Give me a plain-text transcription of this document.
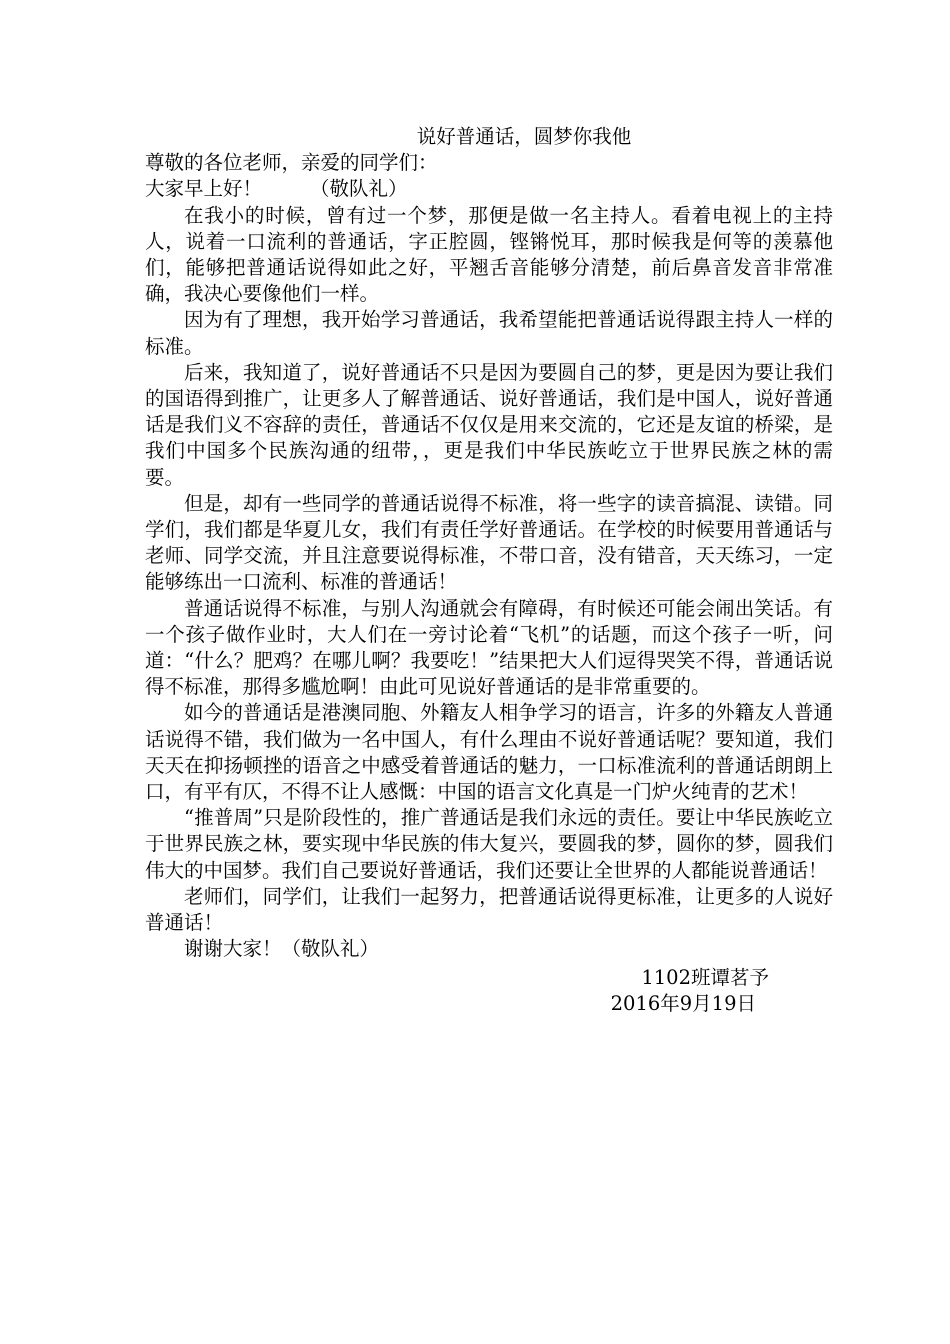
说好普通话，圆梦你我他

尊敬的各位老师，亲爱的同学们：

大家早上好！ （敬队礼）

在我小的时候，曾有过一个梦，那便是做一名主持人。看着电视上的主持人，说着一口流利的普通话，字正腔圆，铿锵悦耳，那时候我是何等的羡慕他们，能够把普通话说得如此之好，平翘舌音能够分清楚，前后鼻音发音非常准确，我决心要像他们一样。

因为有了理想，我开始学习普通话，我希望能把普通话说得跟主持人一样的标准。

后来，我知道了，说好普通话不只是因为要圆自己的梦，更是因为要让我们的国语得到推广，让更多人了解普通话、说好普通话，我们是中国人，说好普通话是我们义不容辞的责任，普通话不仅仅是用来交流的，它还是友谊的桥梁，是我们中国多个民族沟通的纽带，，更是我们中华民族屹立于世界民族之林的需要。

但是，却有一些同学的普通话说得不标准，将一些字的读音搞混、读错。同学们，我们都是华夏儿女，我们有责任学好普通话。在学校的时候要用普通话与老师、同学交流，并且注意要说得标准，不带口音，没有错音，天天练习，一定能够练出一口流利、标准的普通话！

普通话说得不标准，与别人沟通就会有障碍，有时候还可能会闹出笑话。有一个孩子做作业时，大人们在一旁讨论着“飞机”的话题，而这个孩子一听，问道：“什么？肥鸡？在哪儿啊？我要吃！”结果把大人们逗得哭笑不得，普通话说得不标准，那得多尴尬啊！由此可见说好普通话的是非常重要的。

如今的普通话是港澳同胞、外籍友人相争学习的语言，许多的外籍友人普通话说得不错，我们做为一名中国人，有什么理由不说好普通话呢？要知道，我们天天在抑扬顿挫的语音之中感受着普通话的魅力，一口标准流利的普通话朗朗上口，有平有仄，不得不让人感慨：中国的语言文化真是一门炉火纯青的艺术！

“推普周”只是阶段性的，推广普通话是我们永远的责任。要让中华民族屹立于世界民族之林，要实现中华民族的伟大复兴，要圆我的梦，圆你的梦，圆我们伟大的中国梦。我们自己要说好普通话，我们还要让全世界的人都能说普通话！

老师们，同学们，让我们一起努力，把普通话说得更标准，让更多的人说好普通话！

谢谢大家！（敬队礼）

1102班谭茗予

2016年9月19日
